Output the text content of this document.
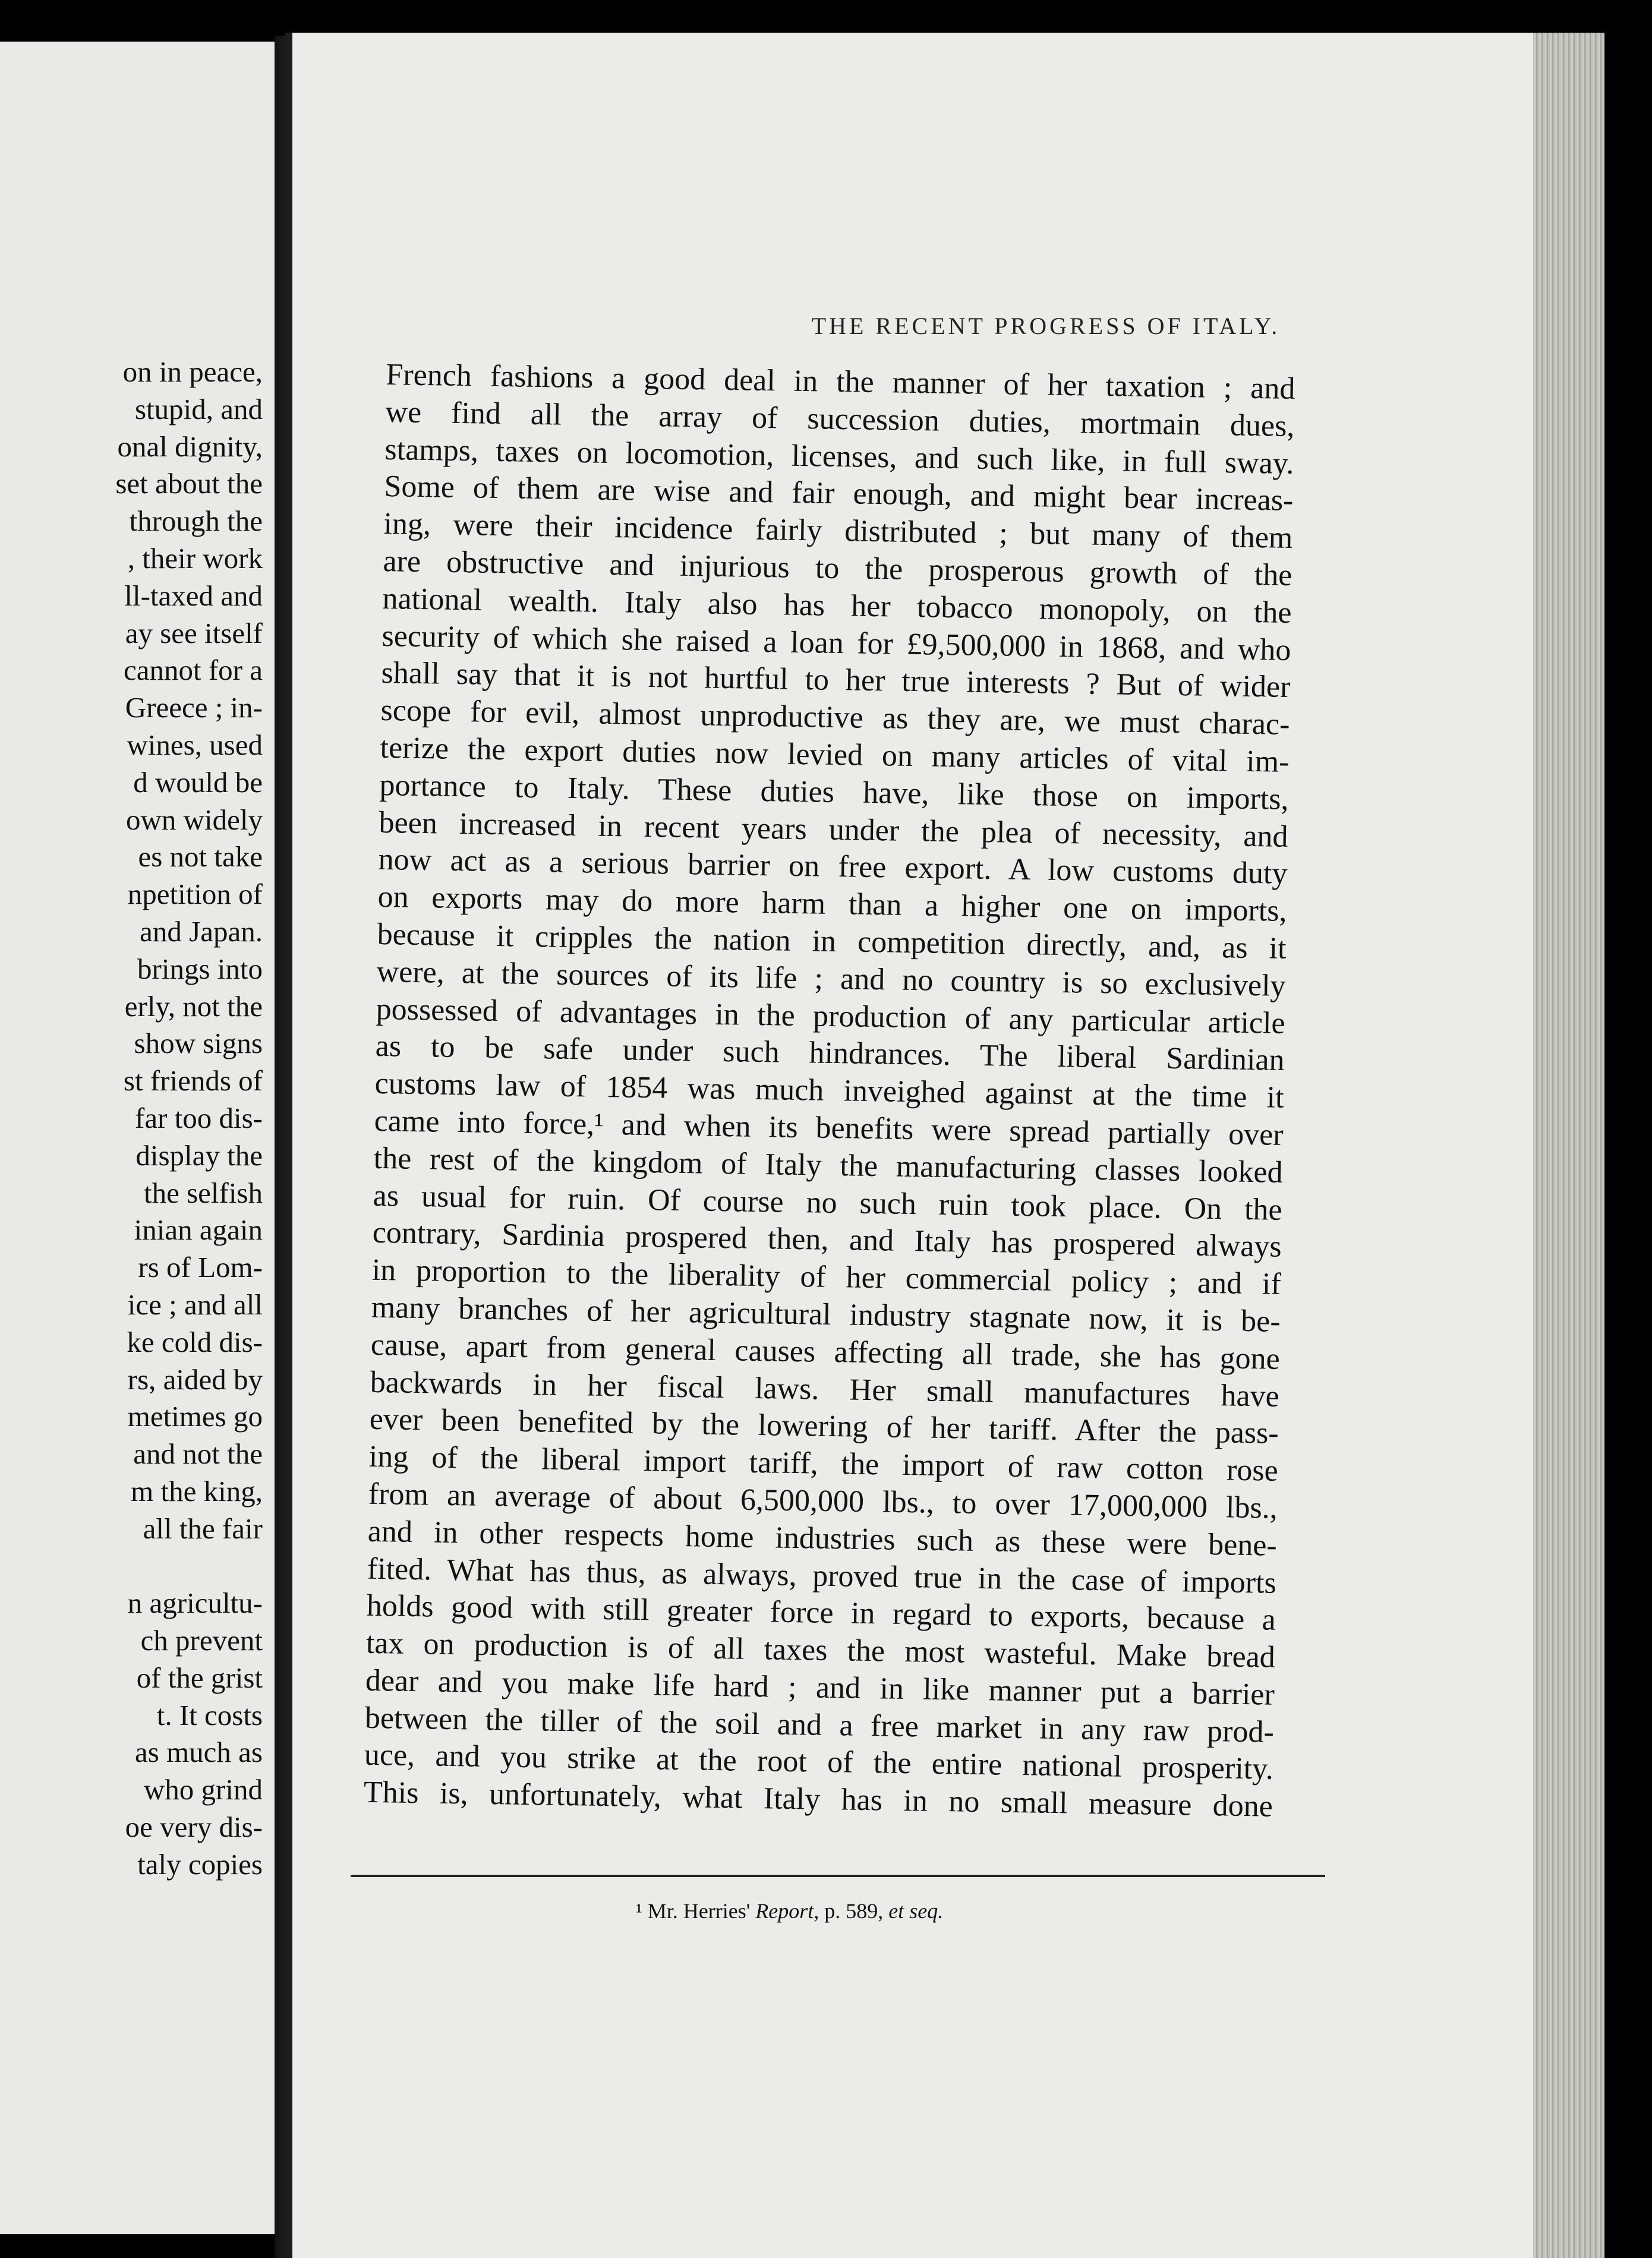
on in peace,
stupid, and
onal dignity,
set about the
through the
, their work
ll-taxed and
ay see itself
cannot for a
Greece ; in-
wines, used
d would be
own widely
es not take
npetition of
and Japan.
brings into
erly, not the
show signs
st friends of
far too dis-
display the
the selfish
inian again
rs of Lom-
ice ; and all
ke cold dis-
rs, aided by
metimes go
and not the
m the king,
all the fair
n agricultu-
ch prevent
of the grist
t. It costs
as much as
who grind
oe very dis-
taly copies
THE RECENT PROGRESS OF ITALY.
French fashions a good deal in the manner of her taxation ; and
we find all the array of succession duties, mortmain dues,
stamps, taxes on locomotion, licenses, and such like, in full sway.
Some of them are wise and fair enough, and might bear increas-
ing, were their incidence fairly distributed ; but many of them
are obstructive and injurious to the prosperous growth of the
national wealth. Italy also has her tobacco monopoly, on the
security of which she raised a loan for £9,500,000 in 1868, and who
shall say that it is not hurtful to her true interests ? But of wider
scope for evil, almost unproductive as they are, we must charac-
terize the export duties now levied on many articles of vital im-
portance to Italy. These duties have, like those on imports,
been increased in recent years under the plea of necessity, and
now act as a serious barrier on free export. A low customs duty
on exports may do more harm than a higher one on imports,
because it cripples the nation in competition directly, and, as it
were, at the sources of its life ; and no country is so exclusively
possessed of advantages in the production of any particular article
as to be safe under such hindrances. The liberal Sardinian
customs law of 1854 was much inveighed against at the time it
came into force,¹ and when its benefits were spread partially over
the rest of the kingdom of Italy the manufacturing classes looked
as usual for ruin. Of course no such ruin took place. On the
contrary, Sardinia prospered then, and Italy has prospered always
in proportion to the liberality of her commercial policy ; and if
many branches of her agricultural industry stagnate now, it is be-
cause, apart from general causes affecting all trade, she has gone
backwards in her fiscal laws. Her small manufactures have
ever been benefited by the lowering of her tariff. After the pass-
ing of the liberal import tariff, the import of raw cotton rose
from an average of about 6,500,000 lbs., to over 17,000,000 lbs.,
and in other respects home industries such as these were bene-
fited. What has thus, as always, proved true in the case of imports
holds good with still greater force in regard to exports, because a
tax on production is of all taxes the most wasteful. Make bread
dear and you make life hard ; and in like manner put a barrier
between the tiller of the soil and a free market in any raw prod-
uce, and you strike at the root of the entire national prosperity.
This is, unfortunately, what Italy has in no small measure done
¹ Mr. Herries' Report, p. 589, et seq.
